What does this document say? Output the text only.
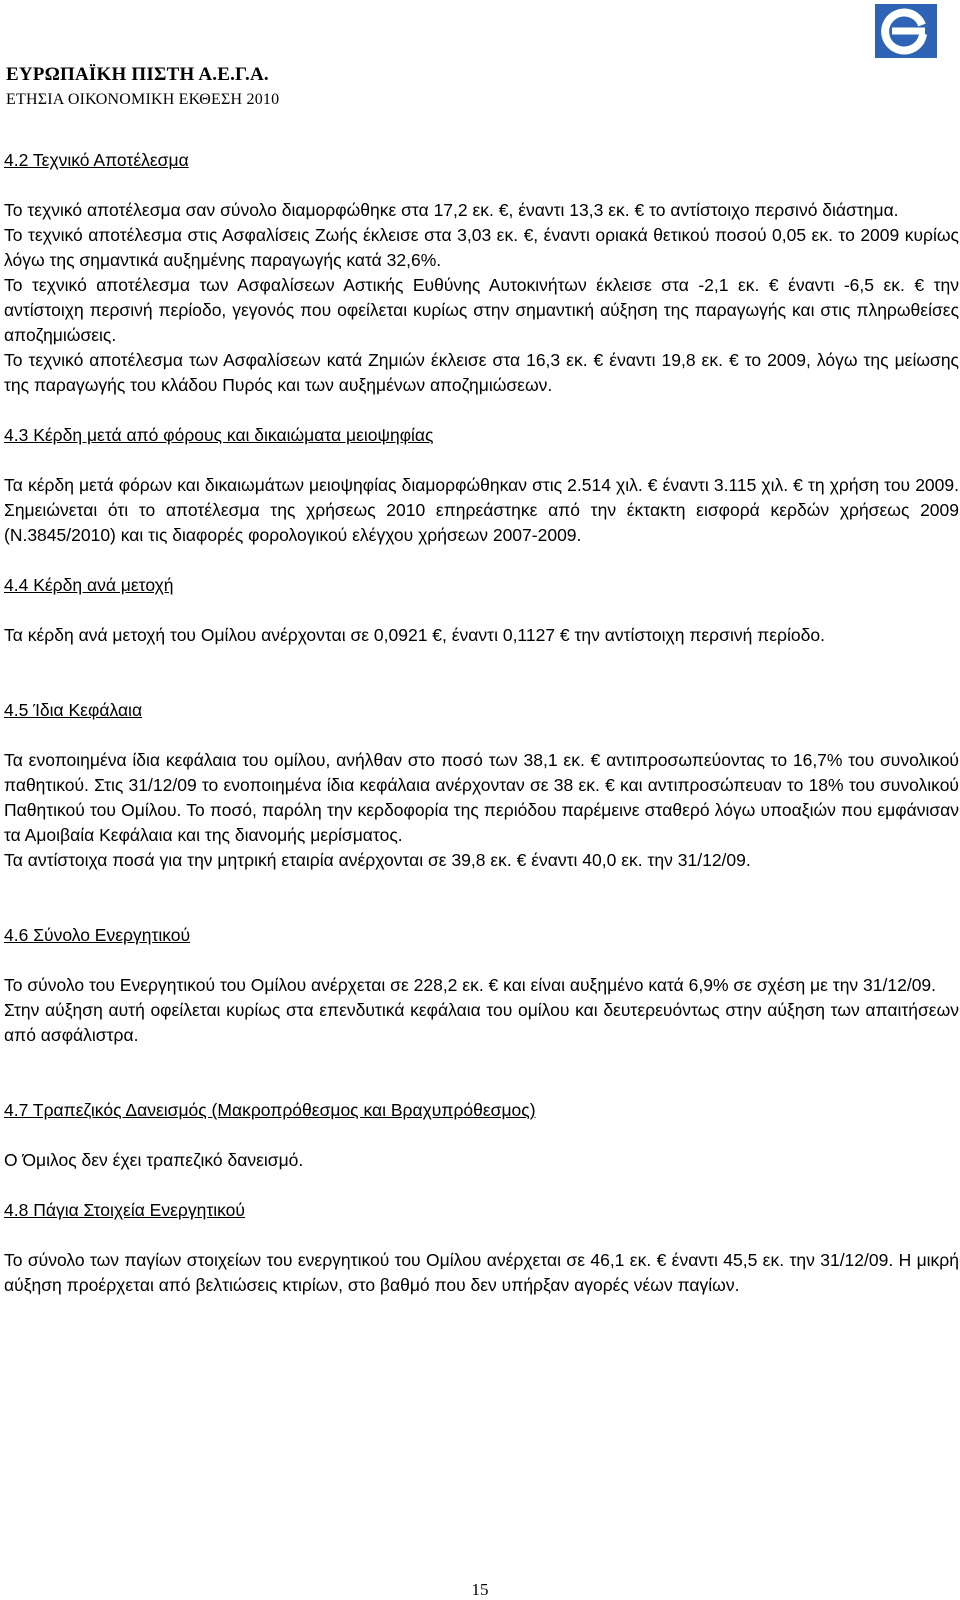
ΕΥΡΩΠΑΪΚΗ ΠΙΣΤΗ Α.Ε.Γ.Α.
ΕΤΗΣΙΑ ΟΙΚΟΝΟΜΙΚΗ ΕΚΘΕΣΗ 2010
4.2 Τεχνικό Αποτέλεσμα

Το τεχνικό αποτέλεσμα σαν σύνολο διαμορφώθηκε στα 17,2 εκ. €, έναντι 13,3 εκ. € το αντίστοιχο περσινό διάστημα.
Το τεχνικό αποτέλεσμα στις Ασφαλίσεις Ζωής έκλεισε στα 3,03 εκ. €, έναντι οριακά θετικού ποσού 0,05 εκ. το 2009 κυρίως λόγω της σημαντικά αυξημένης παραγωγής κατά 32,6%.
Το τεχνικό αποτέλεσμα των Ασφαλίσεων Αστικής Ευθύνης Αυτοκινήτων έκλεισε στα -2,1 εκ. € έναντι -6,5 εκ. € την αντίστοιχη περσινή περίοδο, γεγονός που οφείλεται κυρίως στην σημαντική αύξηση της παραγωγής και στις πληρωθείσες αποζημιώσεις.
Το τεχνικό αποτέλεσμα των Ασφαλίσεων κατά Ζημιών έκλεισε στα 16,3 εκ. € έναντι 19,8 εκ. € το 2009, λόγω της μείωσης της παραγωγής του κλάδου Πυρός και των αυξημένων αποζημιώσεων.

4.3 Κέρδη μετά από φόρους και δικαιώματα μειοψηφίας

Τα κέρδη μετά φόρων και δικαιωμάτων μειοψηφίας διαμορφώθηκαν στις 2.514 χιλ. € έναντι 3.115 χιλ. € τη χρήση του 2009. Σημειώνεται ότι το αποτέλεσμα της χρήσεως 2010 επηρεάστηκε από την έκτακτη εισφορά κερδών χρήσεως 2009 (Ν.3845/2010) και τις διαφορές φορολογικού ελέγχου χρήσεων 2007-2009.

4.4 Κέρδη ανά μετοχή

Τα κέρδη ανά μετοχή του Ομίλου ανέρχονται σε 0,0921 €, έναντι 0,1127 € την αντίστοιχη περσινή περίοδο.

4.5 Ίδια Κεφάλαια

Τα ενοποιημένα ίδια κεφάλαια του ομίλου, ανήλθαν στο ποσό των 38,1 εκ. € αντιπροσωπεύοντας το 16,7% του συνολικού παθητικού. Στις 31/12/09 το ενοποιημένα ίδια κεφάλαια ανέρχονταν σε 38 εκ. € και αντιπροσώπευαν το 18% του συνολικού Παθητικού του Ομίλου. Το ποσό, παρόλη την κερδοφορία της περιόδου παρέμεινε σταθερό λόγω υποαξιών που εμφάνισαν τα Αμοιβαία Κεφάλαια και της διανομής μερίσματος.
Τα αντίστοιχα ποσά για την μητρική εταιρία ανέρχονται σε 39,8 εκ. € έναντι 40,0 εκ. την 31/12/09.

4.6 Σύνολο Ενεργητικού

Το σύνολο του Ενεργητικού του Ομίλου ανέρχεται σε 228,2 εκ. € και είναι αυξημένο κατά 6,9% σε σχέση με την 31/12/09.
Στην αύξηση αυτή οφείλεται κυρίως στα επενδυτικά κεφάλαια του ομίλου και δευτερευόντως στην αύξηση των απαιτήσεων από ασφάλιστρα.

4.7 Τραπεζικός Δανεισμός (Μακροπρόθεσμος και Βραχυπρόθεσμος)

Ο Όμιλος δεν έχει τραπεζικό δανεισμό.

4.8 Πάγια Στοιχεία Ενεργητικού

Το σύνολο των παγίων στοιχείων του ενεργητικού του Ομίλου ανέρχεται σε 46,1 εκ. € έναντι 45,5 εκ. την 31/12/09. Η μικρή αύξηση προέρχεται από βελτιώσεις κτιρίων, στο βαθμό που δεν υπήρξαν αγορές νέων παγίων.

15
